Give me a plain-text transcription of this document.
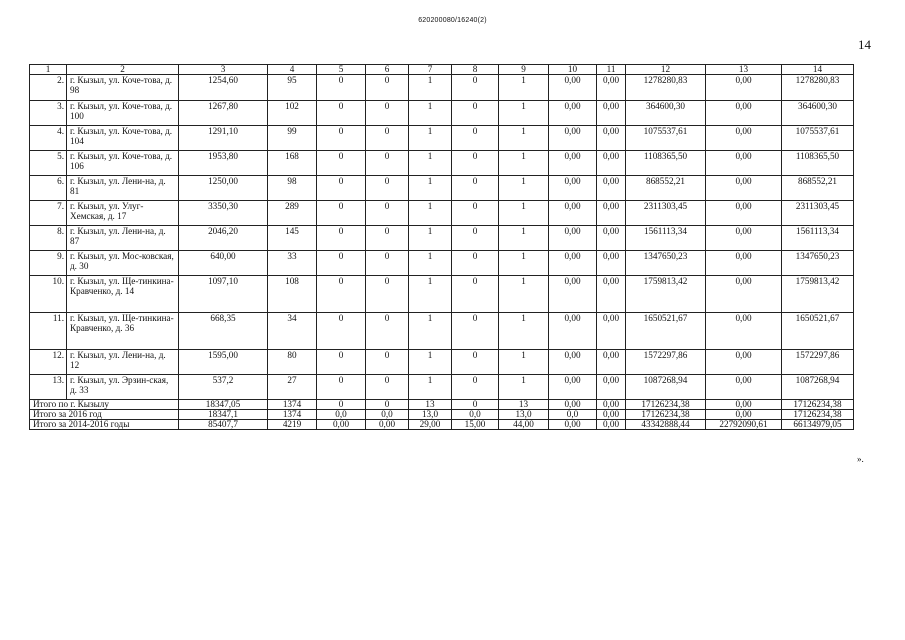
620200080/16240(2)
14
1	2	3	4	5	6	7	8	9	10	11	12	13	14
2.	г. Кызыл, ул. Коче-това, д. 98	1254,60	95	0	0	1	0	1	0,00	0,00	1278280,83	0,00	1278280,83
3.	г. Кызыл, ул. Коче-това, д. 100	1267,80	102	0	0	1	0	1	0,00	0,00	364600,30	0,00	364600,30
4.	г. Кызыл, ул. Коче-това, д. 104	1291,10	99	0	0	1	0	1	0,00	0,00	1075537,61	0,00	1075537,61
5.	г. Кызыл, ул. Коче-това, д. 106	1953,80	168	0	0	1	0	1	0,00	0,00	1108365,50	0,00	1108365,50
6.	г. Кызыл, ул. Лени-на, д. 81	1250,00	98	0	0	1	0	1	0,00	0,00	868552,21	0,00	868552,21
7.	г. Кызыл, ул. Улуг-Хемская, д. 17	3350,30	289	0	0	1	0	1	0,00	0,00	2311303,45	0,00	2311303,45
8.	г. Кызыл, ул. Лени-на, д. 87	2046,20	145	0	0	1	0	1	0,00	0,00	1561113,34	0,00	1561113,34
9.	г. Кызыл, ул. Мос-ковская, д. 30	640,00	33	0	0	1	0	1	0,00	0,00	1347650,23	0,00	1347650,23
10.	г. Кызыл, ул. Ще-тинкина-Кравченко, д. 14	1097,10	108	0	0	1	0	1	0,00	0,00	1759813,42	0,00	1759813,42
11.	г. Кызыл, ул. Ще-тинкина-Кравченко, д. 36	668,35	34	0	0	1	0	1	0,00	0,00	1650521,67	0,00	1650521,67
12.	г. Кызыл, ул. Лени-на, д. 12	1595,00	80	0	0	1	0	1	0,00	0,00	1572297,86	0,00	1572297,86
13.	г. Кызыл, ул. Эрзин-ская, д. 33	537,2	27	0	0	1	0	1	0,00	0,00	1087268,94	0,00	1087268,94
Итого по г. Кызылу		18347,05	1374	0	0	13	0	13	0,00	0,00	17126234,38	0,00	17126234,38
Итого за 2016 год		18347,1	1374	0,0	0,0	13,0	0,0	13,0	0,0	0,00	17126234,38	0,00	17126234,38
Итого за 2014-2016 годы		85407,7	4219	0,00	0,00	29,00	15,00	44,00	0,00	0,00	43342888,44	22792090,61	66134979,05
».
